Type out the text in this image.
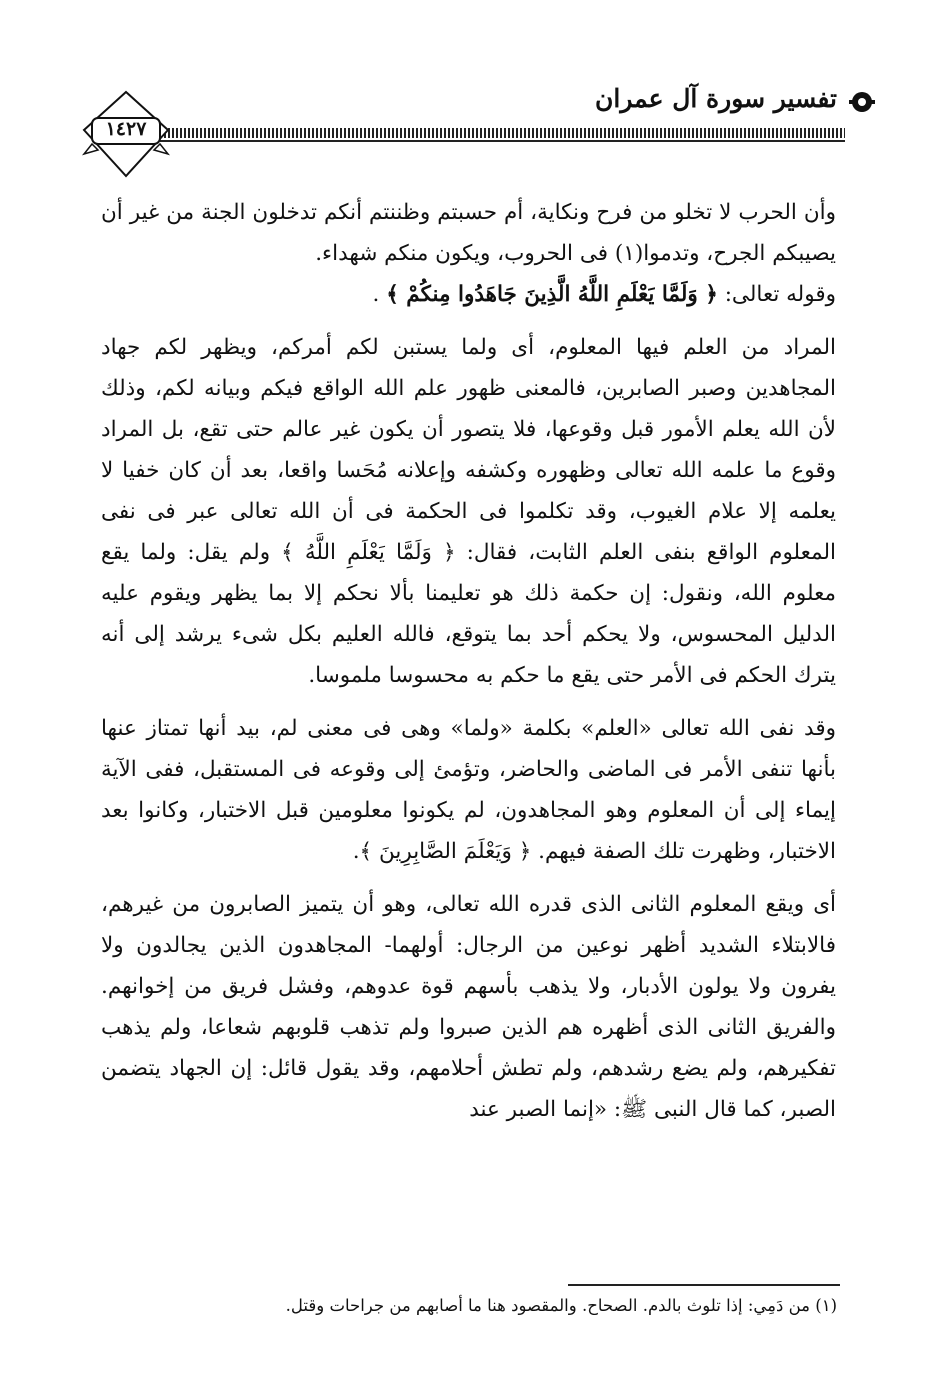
تفسير سورة آل عمران
١٤٢٧

وأن الحرب لا تخلو من فرح ونكاية، أم حسبتم وظننتم أنكم تدخلون الجنة من غير أن يصيبكم الجرح، وتدموا(١) فى الحروب، ويكون منكم شهداء.

وقوله تعالى: ﴿ وَلَمَّا يَعْلَمِ اللَّهُ الَّذِينَ جَاهَدُوا مِنكُمْ ﴾ .

المراد من العلم فيها المعلوم، أى ولما يستبن لكم أمركم، ويظهر لكم جهاد المجاهدين وصبر الصابرين، فالمعنى ظهور علم الله الواقع فيكم وبيانه لكم، وذلك لأن الله يعلم الأمور قبل وقوعها، فلا يتصور أن يكون غير عالم حتى تقع، بل المراد وقوع ما علمه الله تعالى وظهوره وكشفه وإعلانه مُحَسا واقعا، بعد أن كان خفيا لا يعلمه إلا علام الغيوب، وقد تكلموا فى الحكمة فى أن الله تعالى عبر فى نفى المعلوم الواقع بنفى العلم الثابت، فقال: ﴿ وَلَمَّا يَعْلَمِ اللَّهُ ﴾ ولم يقل: ولما يقع معلوم الله، ونقول: إن حكمة ذلك هو تعليمنا بألا نحكم إلا بما يظهر ويقوم عليه الدليل المحسوس، ولا يحكم أحد بما يتوقع، فالله العليم بكل شىء يرشد إلى أنه يترك الحكم فى الأمر حتى يقع ما حكم به محسوسا ملموسا.

وقد نفى الله تعالى «العلم» بكلمة «ولما» وهى فى معنى لم، بيد أنها تمتاز عنها بأنها تنفى الأمر فى الماضى والحاضر، وتؤمئ إلى وقوعه فى المستقبل، ففى الآية إيماء إلى أن المعلوم وهو المجاهدون، لم يكونوا معلومين قبل الاختبار، وكانوا بعد الاختبار، وظهرت تلك الصفة فيهم. ﴿ وَيَعْلَمَ الصَّابِرِينَ ﴾.

أى ويقع المعلوم الثانى الذى قدره الله تعالى، وهو أن يتميز الصابرون من غيرهم، فالابتلاء الشديد أظهر نوعين من الرجال: أولهما- المجاهدون الذين يجالدون ولا يفرون ولا يولون الأدبار، ولا يذهب بأسهم قوة عدوهم، وفشل فريق من إخوانهم. والفريق الثانى الذى أظهره هم الذين صبروا ولم تذهب قلوبهم شعاعا، ولم يذهب تفكيرهم، ولم يضع رشدهم، ولم تطش أحلامهم، وقد يقول قائل: إن الجهاد يتضمن الصبر، كما قال النبى ﷺ: «إنما الصبر عند

(١) من دَمِي: إذا تلوث بالدم. الصحاح. والمقصود هنا ما أصابهم من جراحات وقتل.
